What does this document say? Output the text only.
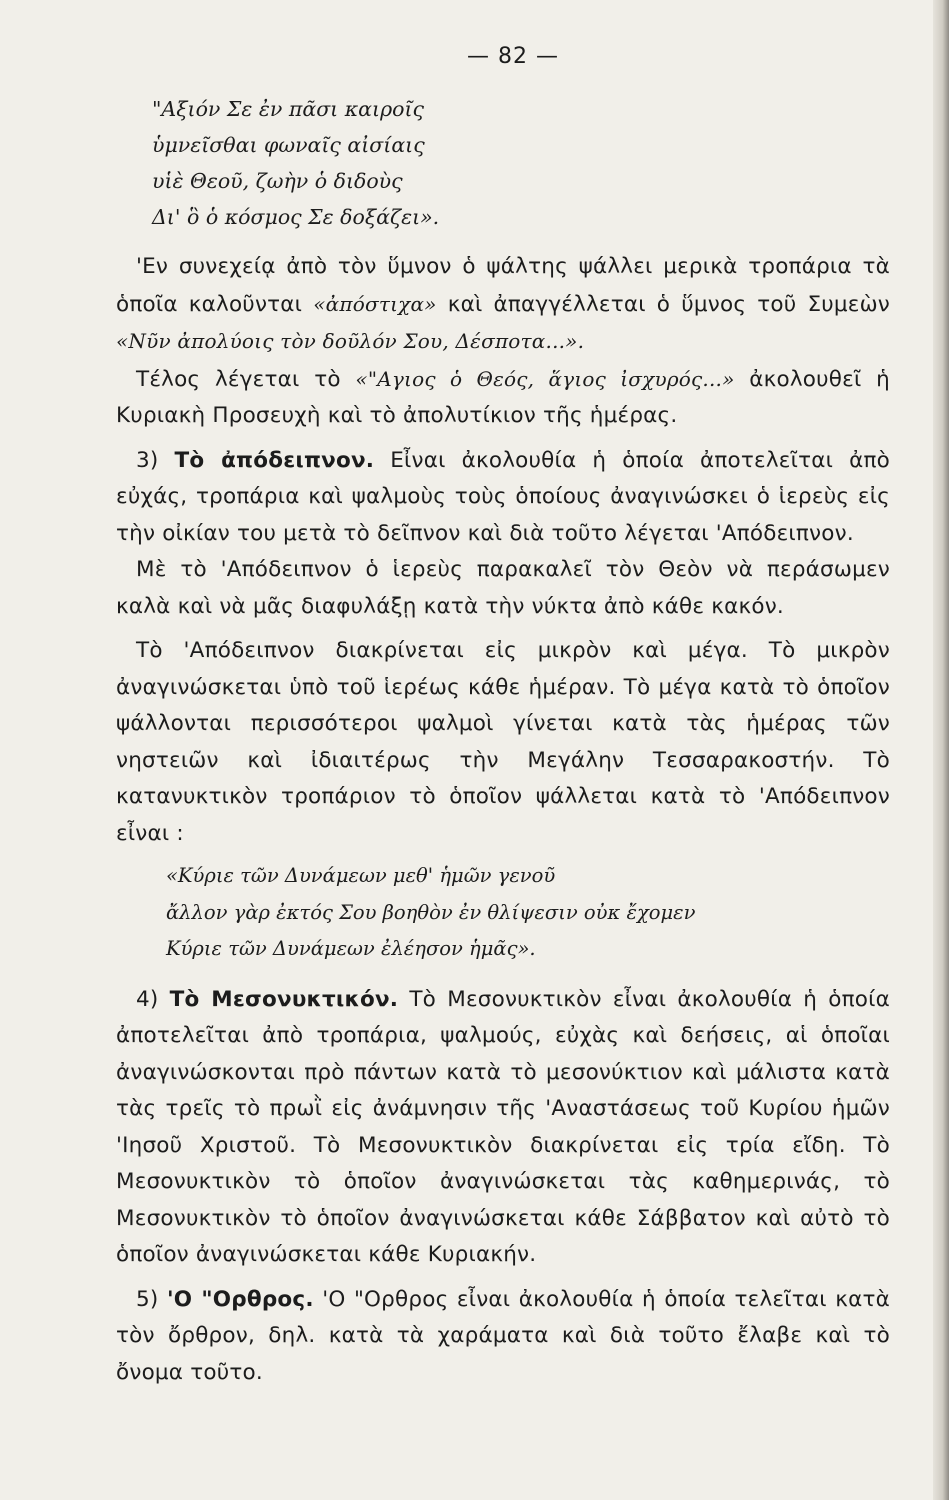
— 82 —
"Αξιόν Σε ἐν πᾶσι καιροῖς
ὑμνεῖσθαι φωναῖς αἰσίαις
υἱὲ Θεοῦ, ζωὴν ὁ διδοὺς
Δι' ὃ ὁ κόσμος Σε δοξάζει».

'Εν συνεχείᾳ ἀπὸ τὸν ὕμνον ὁ ψάλτης ψάλλει μερικὰ τροπάρια τὰ ὁποῖα καλοῦνται «ἀπόστιχα» καὶ ἀπαγγέλλεται ὁ ὕμνος τοῦ Συμεὼν «Νῦν ἀπολύοις τὸν δοῦλόν Σου, Δέσποτα...».

Τέλος λέγεται τὸ «"Αγιος ὁ Θεός, ἅγιος ἰσχυρός...» ἀκολουθεῖ ἡ Κυριακὴ Προσευχὴ καὶ τὸ ἀπολυτίκιον τῆς ἡμέρας.

3) Τὸ ἀπόδειπνον. Εἶναι ἀκολουθία ἡ ὁποία ἀποτελεῖται ἀπὸ εὐχάς, τροπάρια καὶ ψαλμοὺς τοὺς ὁποίους ἀναγινώσκει ὁ ἱερεὺς εἰς τὴν οἰκίαν του μετὰ τὸ δεῖπνον καὶ διὰ τοῦτο λέγεται 'Απόδειπνον.

Μὲ τὸ 'Απόδειπνον ὁ ἱερεὺς παρακαλεῖ τὸν Θεὸν νὰ περάσωμεν καλὰ καὶ νὰ μᾶς διαφυλάξῃ κατὰ τὴν νύκτα ἀπὸ κάθε κακόν.

Τὸ 'Απόδειπνον διακρίνεται εἰς μικρὸν καὶ μέγα. Τὸ μικρὸν ἀναγινώσκεται ὑπὸ τοῦ ἱερέως κάθε ἡμέραν. Τὸ μέγα κατὰ τὸ ὁποῖον ψάλλονται περισσότεροι ψαλμοὶ γίνεται κατὰ τὰς ἡμέρας τῶν νηστειῶν καὶ ἰδιαιτέρως τὴν Μεγάλην Τεσσαρακοστήν. Τὸ κατανυκτικὸν τροπάριον τὸ ὁποῖον ψάλλεται κατὰ τὸ 'Απόδειπνον εἶναι :

«Κύριε τῶν Δυνάμεων μεθ' ἡμῶν γενοῦ
ἄλλον γὰρ ἐκτός Σου βοηθὸν ἐν θλίψεσιν οὐκ ἔχομεν
Κύριε τῶν Δυνάμεων ἐλέησον ἡμᾶς».

4) Τὸ Μεσονυκτικόν. Τὸ Μεσονυκτικὸν εἶναι ἀκολουθία ἡ ὁποία ἀποτελεῖται ἀπὸ τροπάρια, ψαλμούς, εὐχὰς καὶ δεήσεις, αἱ ὁποῖαι ἀναγινώσκονται πρὸ πάντων κατὰ τὸ μεσονύκτιον καὶ μάλιστα κατὰ τὰς τρεῖς τὸ πρωῒ εἰς ἀνάμνησιν τῆς 'Αναστάσεως τοῦ Κυρίου ἡμῶν 'Ιησοῦ Χριστοῦ. Τὸ Μεσονυκτικὸν διακρίνεται εἰς τρία εἴδη. Τὸ Μεσονυκτικὸν τὸ ὁποῖον ἀναγινώσκεται τὰς καθημερινάς, τὸ Μεσονυκτικὸν τὸ ὁποῖον ἀναγινώσκεται κάθε Σάββατον καὶ αὐτὸ τὸ ὁποῖον ἀναγινώσκεται κάθε Κυριακήν.

5) 'Ο "Ορθρος. 'Ο "Ορθρος εἶναι ἀκολουθία ἡ ὁποία τελεῖται κατὰ τὸν ὄρθρον, δηλ. κατὰ τὰ χαράματα καὶ διὰ τοῦτο ἔλαβε καὶ τὸ ὄνομα τοῦτο.
